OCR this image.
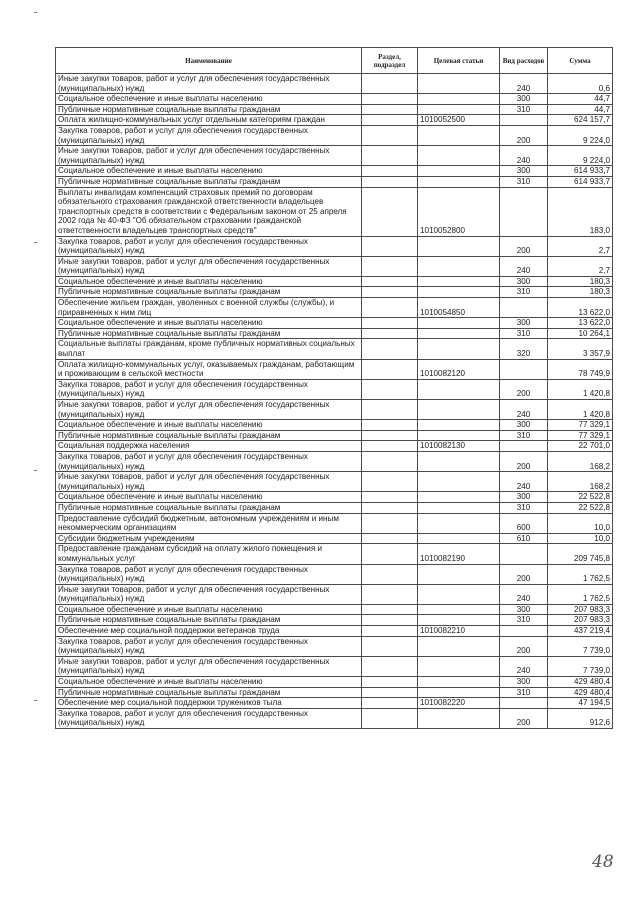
Наименование	Раздел, подраздел	Целевая статьи	Вид расходов	Сумма
Иные закупки товаров, работ и услуг для обеспечения государственных (муниципальных) нужд			240	0,6
Социальное обеспечение и иные выплаты населению			300	44,7
Публичные нормативные социальные выплаты гражданам			310	44,7
Оплата жилищно-коммунальных услуг отдельным категориям граждан		1010052500		624 157,7
Закупка товаров, работ и услуг для обеспечения государственных (муниципальных) нужд			200	9 224,0
Иные закупки товаров, работ и услуг для обеспечения государственных (муниципальных) нужд			240	9 224,0
Социальное обеспечение и иные выплаты населению			300	614 933,7
Публичные нормативные социальные выплаты гражданам			310	614 933,7
Выплаты инвалидам компенсаций страховых премий по договорам обязательного страхования гражданской ответственности владельцев транспортных средств в соответствии с Федеральным законом от 25 апреля 2002 года № 40-ФЗ "Об обязательном страховании гражданской ответственности владельцев транспортных средств"		1010052800		183,0
Закупка товаров, работ и услуг для обеспечения государственных (муниципальных) нужд			200	2,7
Иные закупки товаров, работ и услуг для обеспечения государственных (муниципальных) нужд			240	2,7
Социальное обеспечение и иные выплаты населению			300	180,3
Публичные нормативные социальные выплаты гражданам			310	180,3
Обеспечение жильем граждан, уволенных с военной службы (службы), и приравненных к ним лиц		1010054850		13 622,0
Социальное обеспечение и иные выплаты населению			300	13 622,0
Публичные нормативные социальные выплаты гражданам			310	10 264,1
Социальные выплаты гражданам, кроме публичных нормативных социальных выплат			320	3 357,9
Оплата жилищно-коммунальных услуг, оказываемых гражданам, работающим и проживающим в сельской местности		1010082120		78 749,9
Закупка товаров, работ и услуг для обеспечения государственных (муниципальных) нужд			200	1 420,8
Иные закупки товаров, работ и услуг для обеспечения государственных (муниципальных) нужд			240	1 420,8
Социальное обеспечение и иные выплаты населению			300	77 329,1
Публичные нормативные социальные выплаты гражданам			310	77 329,1
Социальная поддержка населения		1010082130		22 701,0
Закупка товаров, работ и услуг для обеспечения государственных (муниципальных) нужд			200	168,2
Иные закупки товаров, работ и услуг для обеспечения государственных (муниципальных) нужд			240	168,2
Социальное обеспечение и иные выплаты населению			300	22 522,8
Публичные нормативные социальные выплаты гражданам			310	22 522,8
Предоставление субсидий бюджетным, автономным учреждениям и иным некоммерческим организациям			600	10,0
Субсидии бюджетным учреждениям			610	10,0
Предоставление гражданам субсидий на оплату жилого помещения и коммунальных услуг		1010082190		209 745,8
Закупка товаров, работ и услуг для обеспечения государственных (муниципальных) нужд			200	1 762,5
Иные закупки товаров, работ и услуг для обеспечения государственных (муниципальных) нужд			240	1 762,5
Социальное обеспечение и иные выплаты населению			300	207 983,3
Публичные нормативные социальные выплаты гражданам			310	207 983,3
Обеспечение мер социальной поддержки ветеранов труда		1010082210		437 219,4
Закупка товаров, работ и услуг для обеспечения государственных (муниципальных) нужд			200	7 739,0
Иные закупки товаров, работ и услуг для обеспечения государственных (муниципальных) нужд			240	7 739,0
Социальное обеспечение и иные выплаты населению			300	429 480,4
Публичные нормативные социальные выплаты гражданам			310	429 480,4
Обеспечение мер социальной поддержки тружеников тыла		1010082220		47 194,5
Закупка товаров, работ и услуг для обеспечения государственных (муниципальных) нужд			200	912,6
48
